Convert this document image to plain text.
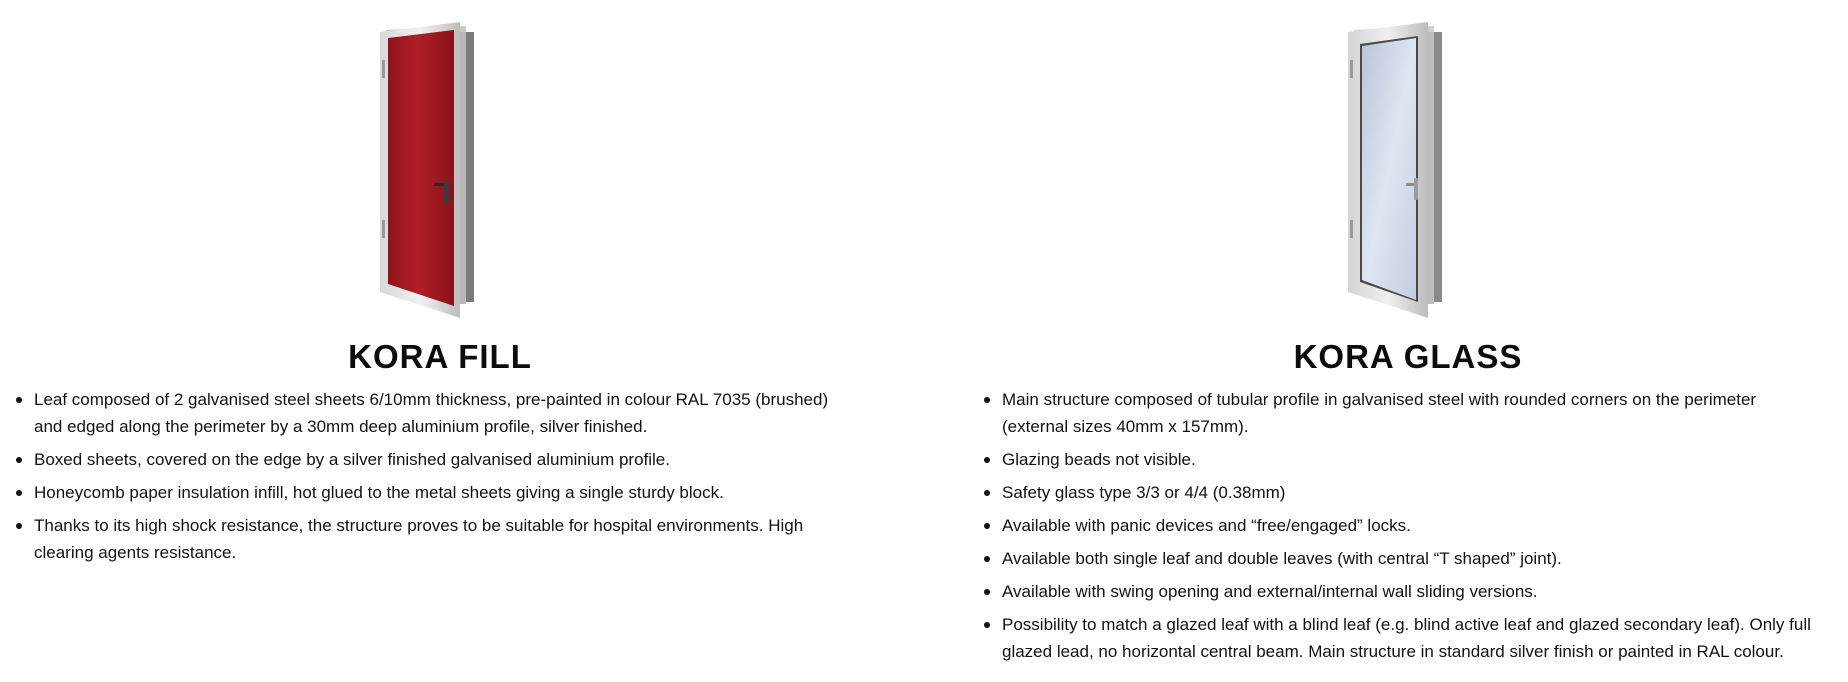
KORA FILL
Leaf composed of 2 galvanised steel sheets 6/10mm thickness, pre-painted in colour RAL 7035 (brushed) and edged along the perimeter by a 30mm deep aluminium profile, silver finished.
Boxed sheets, covered on the edge by a silver finished galvanised aluminium profile.
Honeycomb paper insulation infill, hot glued to the metal sheets giving a single sturdy block.
Thanks to its high shock resistance, the structure proves to be suitable for hospital environments. High clearing agents resistance.
KORA GLASS
Main structure composed of tubular profile in galvanised steel with rounded corners on the perimeter (external sizes 40mm x 157mm).
Glazing beads not visible.
Safety glass type 3/3 or 4/4 (0.38mm)
Available with panic devices and “free/engaged” locks.
Available both single leaf and double leaves (with central “T shaped” joint).
Available with swing opening and external/internal wall sliding versions.
Possibility to match a glazed leaf with a blind leaf (e.g. blind active leaf and glazed secondary leaf). Only full glazed lead, no horizontal central beam. Main structure in standard silver finish or painted in RAL colour.
